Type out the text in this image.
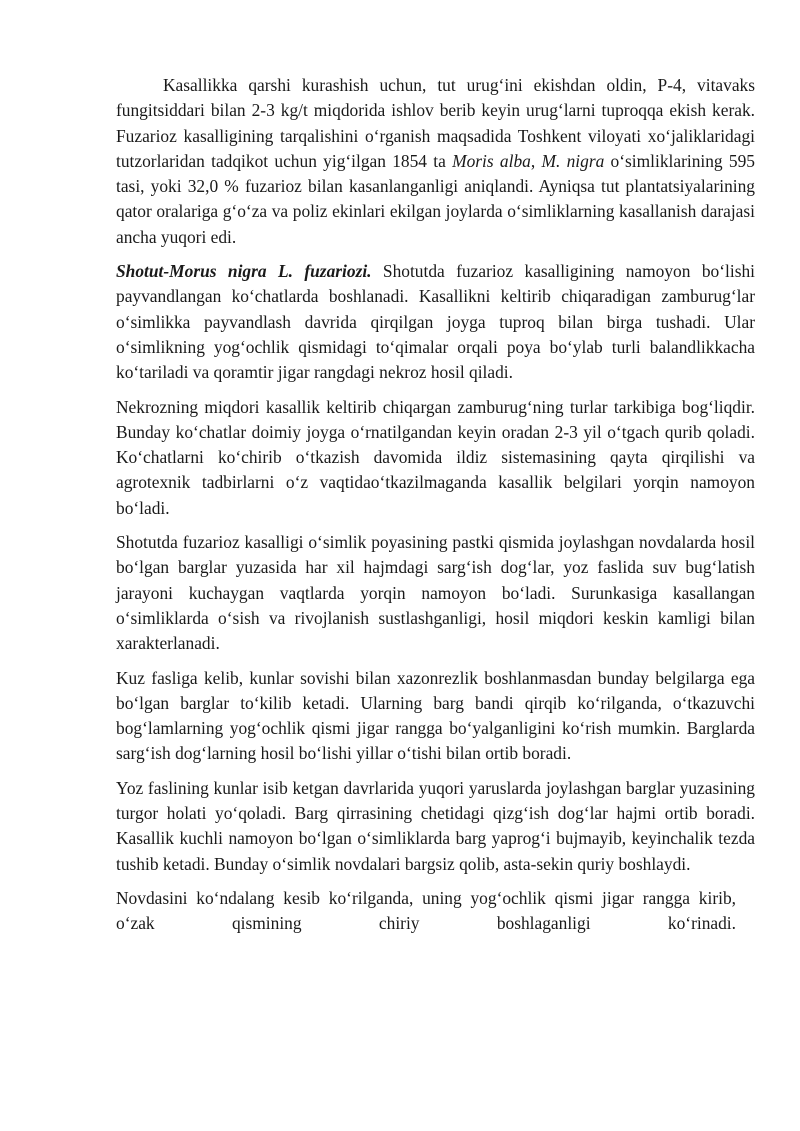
Kasallikka qarshi kurashish uchun, tut urug‘ini ekishdan oldin, P-4, vitavaks fungitsiddari bilan 2-3 kg/t miqdorida ishlov berib keyin urug‘larni tuproqqa ekish kerak. Fuzarioz kasalligining tarqalishini o‘rganish maqsadida Toshkent viloyati xo‘jaliklaridagi tutzorlaridan tadqikot uchun yig‘ilgan 1854 ta Moris alba, M. nigra o‘simliklarining 595 tasi, yoki 32,0 % fuzarioz bilan kasanlanganligi aniqlandi. Ayniqsa tut plantatsiyalarining qator oralariga g‘o‘za va poliz ekinlari ekilgan joylarda o‘simliklarning kasallanish darajasi ancha yuqori edi.

Shotut-Morus nigra L. fuzariozi. Shotutda fuzarioz kasalligining namoyon bo‘lishi payvandlangan ko‘chatlarda boshlanadi. Kasallikni keltirib chiqaradigan zamburug‘lar o‘simlikka payvandlash davrida qirqilgan joyga tuproq bilan birga tushadi. Ular o‘simlikning yog‘ochlik qismidagi to‘qimalar orqali poya bo‘ylab turli balandlikkacha ko‘tariladi va qoramtir jigar rangdagi nekroz hosil qiladi.

Nekrozning miqdori kasallik keltirib chiqargan zamburug‘ning turlar tarkibiga bog‘liqdir. Bunday ko‘chatlar doimiy joyga o‘rnatilgandan keyin oradan 2-3 yil o‘tgach qurib qoladi. Ko‘chatlarni ko‘chirib o‘tkazish davomida ildiz sistemasining qayta qirqilishi va agrotexnik tadbirlarni o‘z vaqtidao‘tkazilmaganda kasallik belgilari yorqin namoyon bo‘ladi.

Shotutda fuzarioz kasalligi o‘simlik poyasining pastki qismida joylashgan novdalarda hosil bo‘lgan barglar yuzasida har xil hajmdagi sarg‘ish dog‘lar, yoz faslida suv bug‘latish jarayoni kuchaygan vaqtlarda yorqin namoyon bo‘ladi. Surunkasiga kasallangan o‘simliklarda o‘sish va rivojlanish sustlashganligi, hosil miqdori keskin kamligi bilan xarakterlanadi.

Kuz fasliga kelib, kunlar sovishi bilan xazonrezlik boshlanmasdan bunday belgilarga ega bo‘lgan barglar to‘kilib ketadi. Ularning barg bandi qirqib ko‘rilganda, o‘tkazuvchi bog‘lamlarning yog‘ochlik qismi jigar rangga bo‘yalganligini ko‘rish mumkin. Barglarda sarg‘ish dog‘larning hosil bo‘lishi yillar o‘tishi bilan ortib boradi.

Yoz faslining kunlar isib ketgan davrlarida yuqori yaruslarda joylashgan barglar yuzasining turgor holati yo‘qoladi. Barg qirrasining chetidagi qizg‘ish dog‘lar hajmi ortib boradi. Kasallik kuchli namoyon bo‘lgan o‘simliklarda barg yaprog‘i bujmayib, keyinchalik tezda tushib ketadi. Bunday o‘simlik novdalari bargsiz qolib, asta-sekin quriy boshlaydi.

Novdasini ko‘ndalang kesib ko‘rilganda, uning yog‘ochlik qismi jigar rangga kirib, o‘zak qismining chiriy boshlaganligi ko‘rinadi.
